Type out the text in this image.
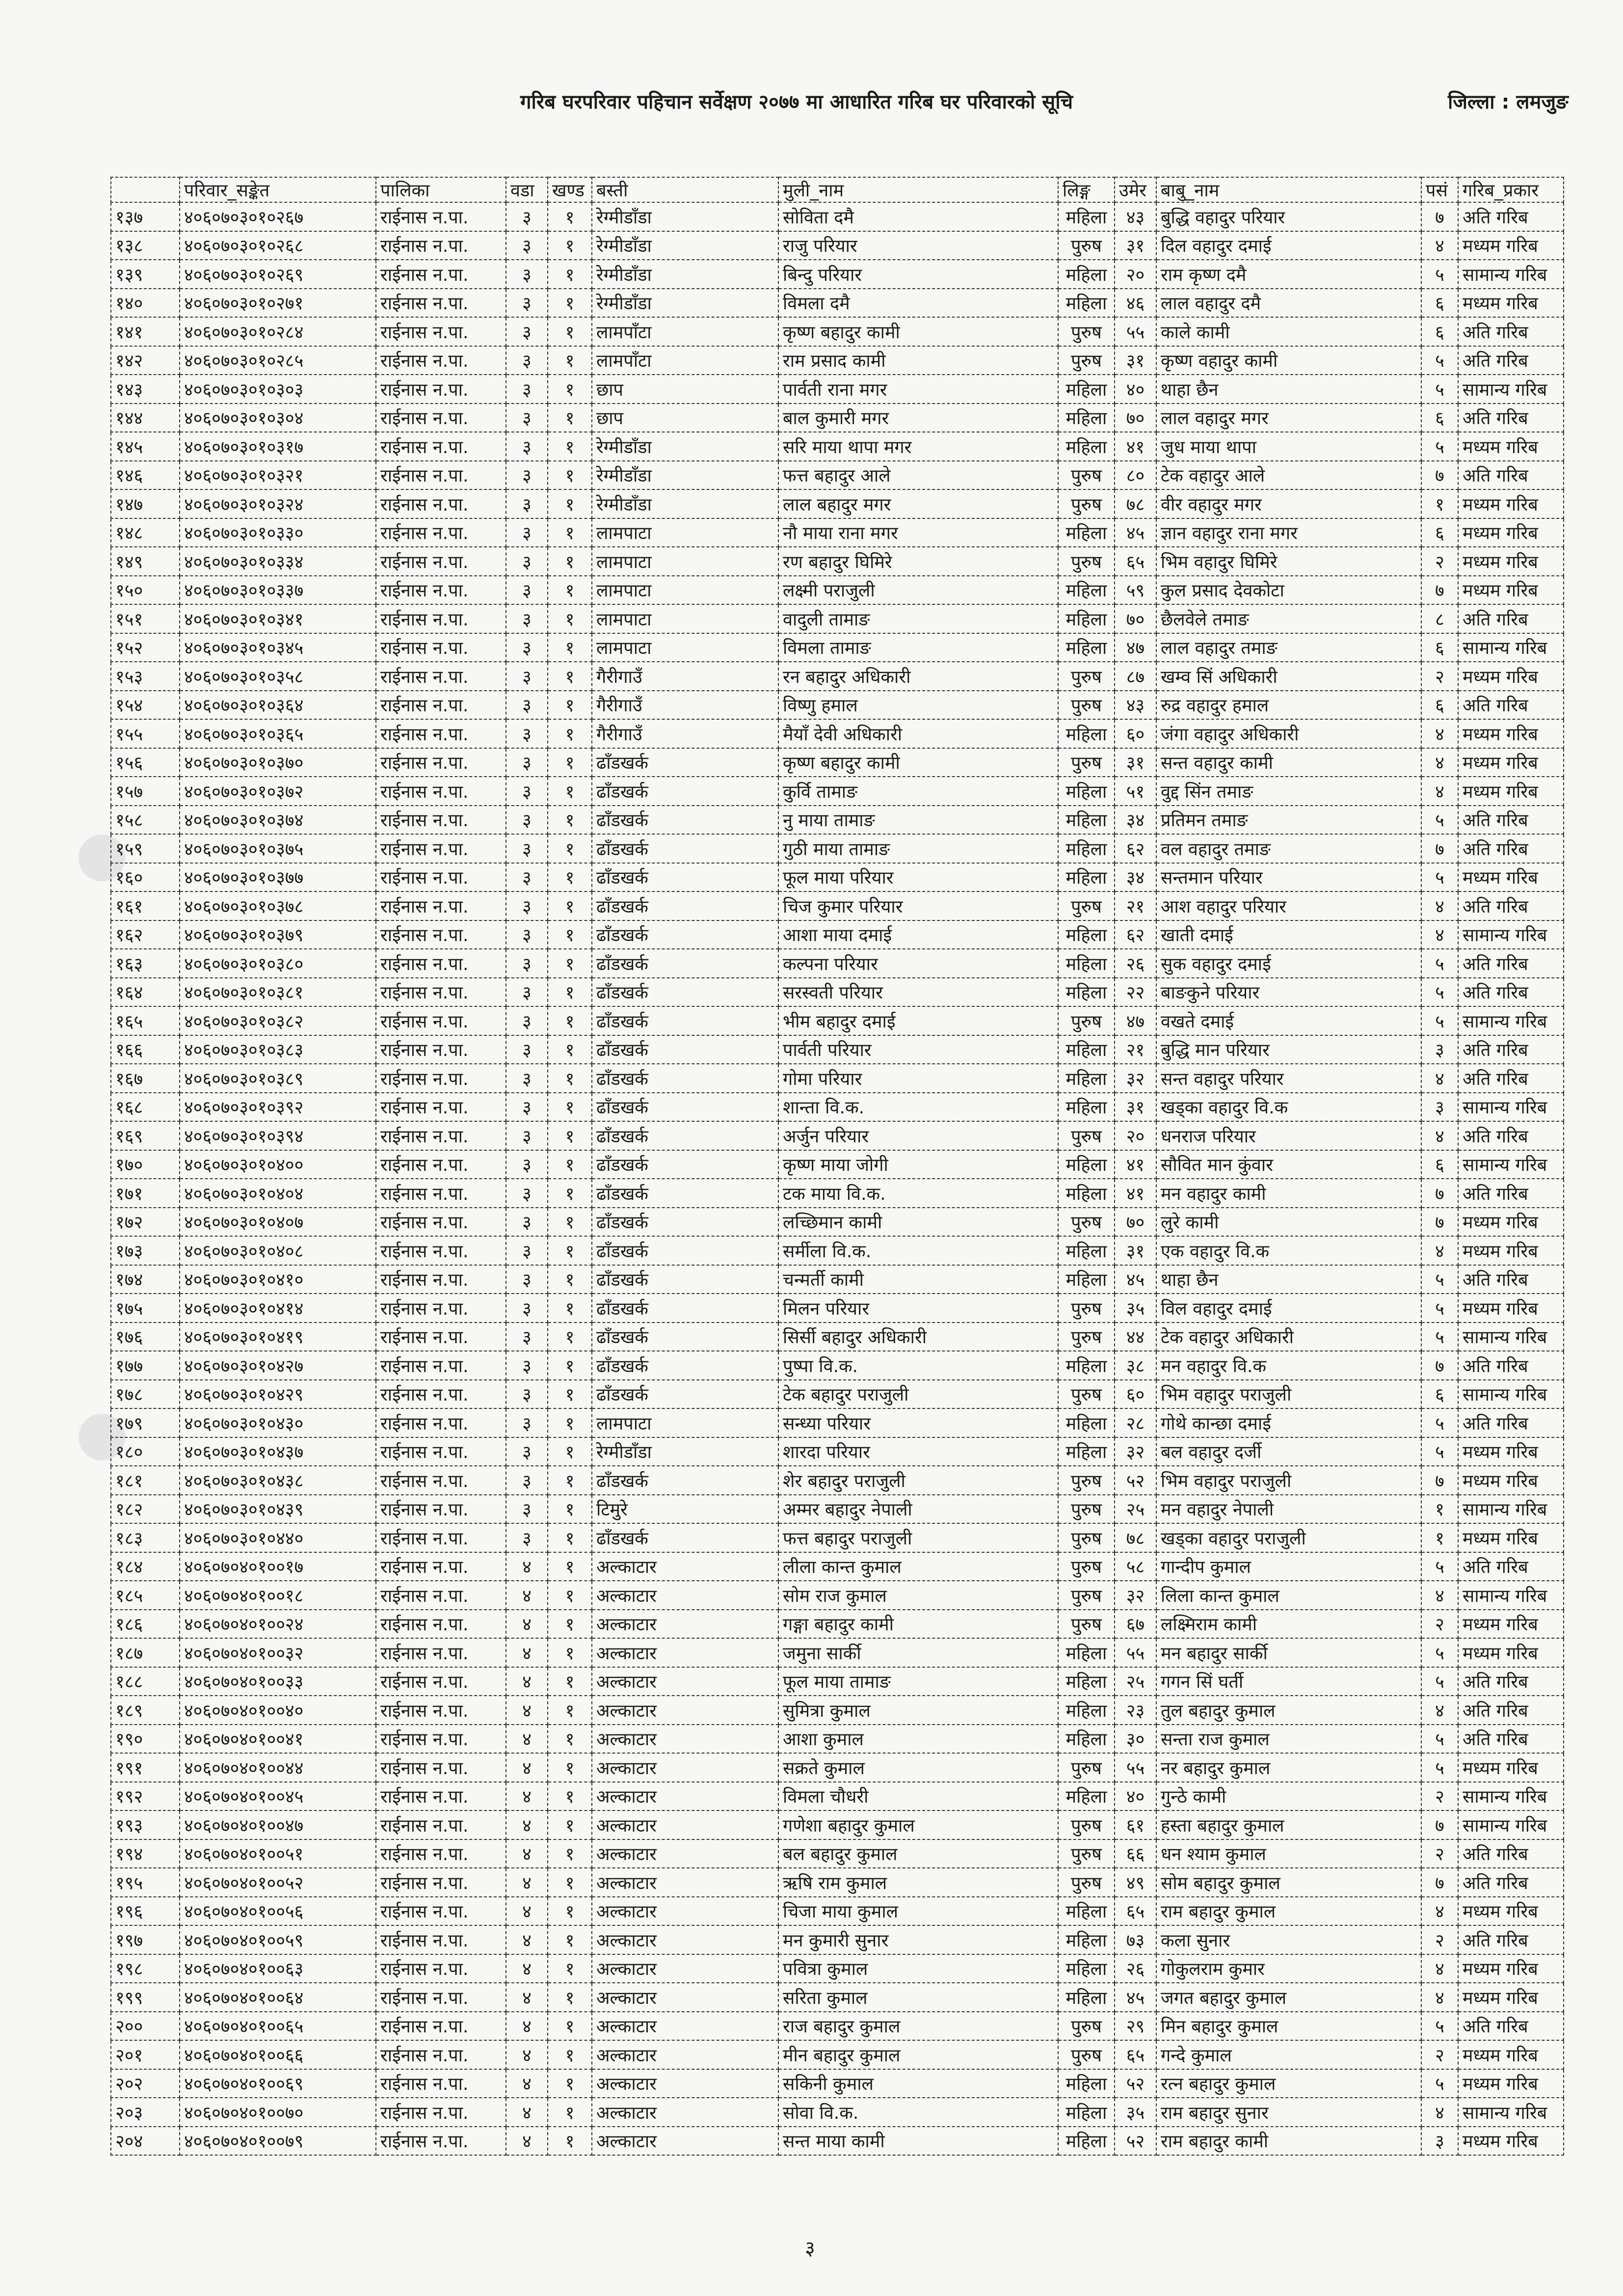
गरिब घरपरिवार पहिचान सर्वेक्षण २०७७ मा आधारित गरिब घर परिवारको सूचि	जिल्ला : लमजुङ
	परिवार_सङ्केत	पालिका	वडा	खण्ड	बस्ती	मुली_नाम	लिङ्ग	उमेर	बाबु_नाम	पसं	गरिब_प्रकार
१३७	४०६०७०३०१०२६७	राईनास न.पा.	३	१	रेग्मीडाँडा	सोविता दमै	महिला	४३	बुद्धि वहादुर परियार	७	अति गरिब
१३८	४०६०७०३०१०२६८	राईनास न.पा.	३	१	रेग्मीडाँडा	राजु परियार	पुरुष	३१	दिल वहादुर दमाई	४	मध्यम गरिब
१३९	४०६०७०३०१०२६९	राईनास न.पा.	३	१	रेग्मीडाँडा	बिन्दु परियार	महिला	२०	राम कृष्ण दमै	५	सामान्य गरिब
१४०	४०६०७०३०१०२७१	राईनास न.पा.	३	१	रेग्मीडाँडा	विमला दमै	महिला	४६	लाल वहादुर दमै	६	मध्यम गरिब
१४१	४०६०७०३०१०२८४	राईनास न.पा.	३	१	लामपाँटा	कृष्ण बहादुर कामी	पुरुष	५५	काले कामी	६	अति गरिब
१४२	४०६०७०३०१०२८५	राईनास न.पा.	३	१	लामपाँटा	राम प्रसाद कामी	पुरुष	३१	कृष्ण वहादुर कामी	५	अति गरिब
१४३	४०६०७०३०१०३०३	राईनास न.पा.	३	१	छाप	पार्वती राना मगर	महिला	४०	थाहा छैन	५	सामान्य गरिब
१४४	४०६०७०३०१०३०४	राईनास न.पा.	३	१	छाप	बाल कुमारी मगर	महिला	७०	लाल वहादुर मगर	६	अति गरिब
१४५	४०६०७०३०१०३१७	राईनास न.पा.	३	१	रेग्मीडाँडा	सरि माया थापा मगर	महिला	४१	जुध माया थापा	५	मध्यम गरिब
१४६	४०६०७०३०१०३२१	राईनास न.पा.	३	१	रेग्मीडाँडा	फत्त बहादुर आले	पुरुष	८०	टेक वहादुर आले	७	अति गरिब
१४७	४०६०७०३०१०३२४	राईनास न.पा.	३	१	रेग्मीडाँडा	लाल बहादुर मगर	पुरुष	७८	वीर वहादुर मगर	१	मध्यम गरिब
१४८	४०६०७०३०१०३३०	राईनास न.पा.	३	१	लामपाटा	नौ माया राना मगर	महिला	४५	ज्ञान वहादुर राना मगर	६	मध्यम गरिब
१४९	४०६०७०३०१०३३४	राईनास न.पा.	३	१	लामपाटा	रण बहादुर घिमिरे	पुरुष	६५	भिम वहादुर घिमिरे	२	मध्यम गरिब
१५०	४०६०७०३०१०३३७	राईनास न.पा.	३	१	लामपाटा	लक्ष्मी पराजुली	महिला	५९	कुल प्रसाद देवकोटा	७	मध्यम गरिब
१५१	४०६०७०३०१०३४१	राईनास न.पा.	३	१	लामपाटा	वादुली तामाङ	महिला	७०	छैलवेले तमाङ	८	अति गरिब
१५२	४०६०७०३०१०३४५	राईनास न.पा.	३	१	लामपाटा	विमला तामाङ	महिला	४७	लाल वहादुर तमाङ	६	सामान्य गरिब
१५३	४०६०७०३०१०३५८	राईनास न.पा.	३	१	गैरीगाउँ	रन बहादुर अधिकारी	पुरुष	८७	खम्व सिं अधिकारी	२	मध्यम गरिब
१५४	४०६०७०३०१०३६४	राईनास न.पा.	३	१	गैरीगाउँ	विष्णु हमाल	पुरुष	४३	रुद्र वहादुर हमाल	६	अति गरिब
१५५	४०६०७०३०१०३६५	राईनास न.पा.	३	१	गैरीगाउँ	मैयाँ देवी अधिकारी	महिला	६०	जंगा वहादुर अधिकारी	४	मध्यम गरिब
१५६	४०६०७०३०१०३७०	राईनास न.पा.	३	१	ढाँडखर्क	कृष्ण बहादुर कामी	पुरुष	३१	सन्त वहादुर कामी	४	मध्यम गरिब
१५७	४०६०७०३०१०३७२	राईनास न.पा.	३	१	ढाँडखर्क	कुर्वि तामाङ	महिला	५१	वुद्द सिंन तमाङ	४	मध्यम गरिब
१५८	४०६०७०३०१०३७४	राईनास न.पा.	३	१	ढाँडखर्क	नु माया तामाङ	महिला	३४	प्रतिमन तमाङ	५	अति गरिब
१५९	४०६०७०३०१०३७५	राईनास न.पा.	३	१	ढाँडखर्क	गुठी माया तामाङ	महिला	६२	वल वहादुर तमाङ	७	अति गरिब
१६०	४०६०७०३०१०३७७	राईनास न.पा.	३	१	ढाँडखर्क	फूल माया परियार	महिला	३४	सन्तमान परियार	५	मध्यम गरिब
१६१	४०६०७०३०१०३७८	राईनास न.पा.	३	१	ढाँडखर्क	चिज कुमार परियार	पुरुष	२१	आश वहादुर परियार	४	अति गरिब
१६२	४०६०७०३०१०३७९	राईनास न.पा.	३	१	ढाँडखर्क	आशा माया दमाई	महिला	६२	खाती दमाई	४	सामान्य गरिब
१६३	४०६०७०३०१०३८०	राईनास न.पा.	३	१	ढाँडखर्क	कल्पना परियार	महिला	२६	सुक वहादुर दमाई	५	अति गरिब
१६४	४०६०७०३०१०३८१	राईनास न.पा.	३	१	ढाँडखर्क	सरस्वती परियार	महिला	२२	बाङकुने परियार	५	अति गरिब
१६५	४०६०७०३०१०३८२	राईनास न.पा.	३	१	ढाँडखर्क	भीम बहादुर दमाई	पुरुष	४७	वखते दमाई	५	सामान्य गरिब
१६६	४०६०७०३०१०३८३	राईनास न.पा.	३	१	ढाँडखर्क	पार्वती परियार	महिला	२१	बुद्धि मान परियार	३	अति गरिब
१६७	४०६०७०३०१०३८९	राईनास न.पा.	३	१	ढाँडखर्क	गोमा परियार	महिला	३२	सन्त वहादुर परियार	४	अति गरिब
१६८	४०६०७०३०१०३९२	राईनास न.पा.	३	१	ढाँडखर्क	शान्ता वि.क.	महिला	३१	खड्का वहादुर वि.क	३	सामान्य गरिब
१६९	४०६०७०३०१०३९४	राईनास न.पा.	३	१	ढाँडखर्क	अर्जुन परियार	पुरुष	२०	धनराज परियार	४	अति गरिब
१७०	४०६०७०३०१०४००	राईनास न.पा.	३	१	ढाँडखर्क	कृष्ण माया जोगी	महिला	४१	सौवित मान कुंवार	६	सामान्य गरिब
१७१	४०६०७०३०१०४०४	राईनास न.पा.	३	१	ढाँडखर्क	टक माया वि.क.	महिला	४१	मन वहादुर कामी	७	अति गरिब
१७२	४०६०७०३०१०४०७	राईनास न.पा.	३	१	ढाँडखर्क	लच्छिमान कामी	पुरुष	७०	लुरे कामी	७	मध्यम गरिब
१७३	४०६०७०३०१०४०८	राईनास न.पा.	३	१	ढाँडखर्क	सर्मीला वि.क.	महिला	३१	एक वहादुर वि.क	४	मध्यम गरिब
१७४	४०६०७०३०१०४१०	राईनास न.पा.	३	१	ढाँडखर्क	चन्मर्ती कामी	महिला	४५	थाहा छैन	५	अति गरिब
१७५	४०६०७०३०१०४१४	राईनास न.पा.	३	१	ढाँडखर्क	मिलन परियार	पुरुष	३५	विल वहादुर दमाई	५	मध्यम गरिब
१७६	४०६०७०३०१०४१९	राईनास न.पा.	३	१	ढाँडखर्क	सिर्सी बहादुर अधिकारी	पुरुष	४४	टेक वहादुर अधिकारी	५	सामान्य गरिब
१७७	४०६०७०३०१०४२७	राईनास न.पा.	३	१	ढाँडखर्क	पुष्पा वि.क.	महिला	३८	मन वहादुर वि.क	७	अति गरिब
१७८	४०६०७०३०१०४२९	राईनास न.पा.	३	१	ढाँडखर्क	टेक बहादुर पराजुली	पुरुष	६०	भिम वहादुर पराजुली	६	सामान्य गरिब
१७९	४०६०७०३०१०४३०	राईनास न.पा.	३	१	लामपाटा	सन्ध्या परियार	महिला	२८	गोथे कान्छा दमाई	५	अति गरिब
१८०	४०६०७०३०१०४३७	राईनास न.पा.	३	१	रेग्मीडाँडा	शारदा परियार	महिला	३२	बल वहादुर दर्जी	५	मध्यम गरिब
१८१	४०६०७०३०१०४३८	राईनास न.पा.	३	१	ढाँडखर्क	शेर बहादुर पराजुली	पुरुष	५२	भिम वहादुर पराजुली	७	मध्यम गरिब
१८२	४०६०७०३०१०४३९	राईनास न.पा.	३	१	टिमुरे	अम्मर बहादुर नेपाली	पुरुष	२५	मन वहादुर नेपाली	१	सामान्य गरिब
१८३	४०६०७०३०१०४४०	राईनास न.पा.	३	१	ढाँडखर्क	फत्त बहादुर पराजुली	पुरुष	७८	खड्का वहादुर पराजुली	१	मध्यम गरिब
१८४	४०६०७०४०१००१७	राईनास न.पा.	४	१	अल्काटार	लीला कान्त कुमाल	पुरुष	५८	गान्दीप कुमाल	५	अति गरिब
१८५	४०६०७०४०१००१८	राईनास न.पा.	४	१	अल्काटार	सोम राज कुमाल	पुरुष	३२	लिला कान्त कुमाल	४	सामान्य गरिब
१८६	४०६०७०४०१००२४	राईनास न.पा.	४	१	अल्काटार	गङ्गा बहादुर कामी	पुरुष	६७	लक्ष्मिराम कामी	२	मध्यम गरिब
१८७	४०६०७०४०१००३२	राईनास न.पा.	४	१	अल्काटार	जमुना सार्की	महिला	५५	मन बहादुर सार्की	५	मध्यम गरिब
१८८	४०६०७०४०१००३३	राईनास न.पा.	४	१	अल्काटार	फूल माया तामाङ	महिला	२५	गगन सिं घर्ती	५	अति गरिब
१८९	४०६०७०४०१००४०	राईनास न.पा.	४	१	अल्काटार	सुमित्रा कुमाल	महिला	२३	तुल बहादुर कुमाल	४	अति गरिब
१९०	४०६०७०४०१००४१	राईनास न.पा.	४	१	अल्काटार	आशा कुमाल	महिला	३०	सन्ता राज कुमाल	५	अति गरिब
१९१	४०६०७०४०१००४४	राईनास न.पा.	४	१	अल्काटार	सक्रते कुमाल	पुरुष	५५	नर बहादुर कुमाल	५	मध्यम गरिब
१९२	४०६०७०४०१००४५	राईनास न.पा.	४	१	अल्काटार	विमला चौधरी	महिला	४०	गुन्ठे कामी	२	सामान्य गरिब
१९३	४०६०७०४०१००४७	राईनास न.पा.	४	१	अल्काटार	गणेशा बहादुर कुमाल	पुरुष	६१	हस्ता बहादुर कुमाल	७	सामान्य गरिब
१९४	४०६०७०४०१००५१	राईनास न.पा.	४	१	अल्काटार	बल बहादुर कुमाल	पुरुष	६६	धन श्याम कुमाल	२	अति गरिब
१९५	४०६०७०४०१००५२	राईनास न.पा.	४	१	अल्काटार	ऋषि राम कुमाल	पुरुष	४९	सोम बहादुर कुमाल	७	अति गरिब
१९६	४०६०७०४०१००५६	राईनास न.पा.	४	१	अल्काटार	चिजा माया कुमाल	महिला	६५	राम बहादुर कुमाल	४	मध्यम गरिब
१९७	४०६०७०४०१००५९	राईनास न.पा.	४	१	अल्काटार	मन कुमारी सुनार	महिला	७३	कला सुनार	२	अति गरिब
१९८	४०६०७०४०१००६३	राईनास न.पा.	४	१	अल्काटार	पवित्रा कुमाल	महिला	२६	गोकुलराम कुमार	४	मध्यम गरिब
१९९	४०६०७०४०१००६४	राईनास न.पा.	४	१	अल्काटार	सरिता कुमाल	महिला	४५	जगत बहादुर कुमाल	४	मध्यम गरिब
२००	४०६०७०४०१००६५	राईनास न.पा.	४	१	अल्काटार	राज बहादुर कुमाल	पुरुष	२९	मिन बहादुर कुमाल	५	अति गरिब
२०१	४०६०७०४०१००६६	राईनास न.पा.	४	१	अल्काटार	मीन बहादुर कुमाल	पुरुष	६५	गन्दे कुमाल	२	मध्यम गरिब
२०२	४०६०७०४०१००६९	राईनास न.पा.	४	१	अल्काटार	सकिनी कुमाल	महिला	५२	रत्न बहादुर कुमाल	५	मध्यम गरिब
२०३	४०६०७०४०१००७०	राईनास न.पा.	४	१	अल्काटार	सोवा वि.क.	महिला	३५	राम बहादुर सुनार	४	सामान्य गरिब
२०४	४०६०७०४०१००७९	राईनास न.पा.	४	१	अल्काटार	सन्त माया कामी	महिला	५२	राम बहादुर कामी	३	मध्यम गरिब
३
